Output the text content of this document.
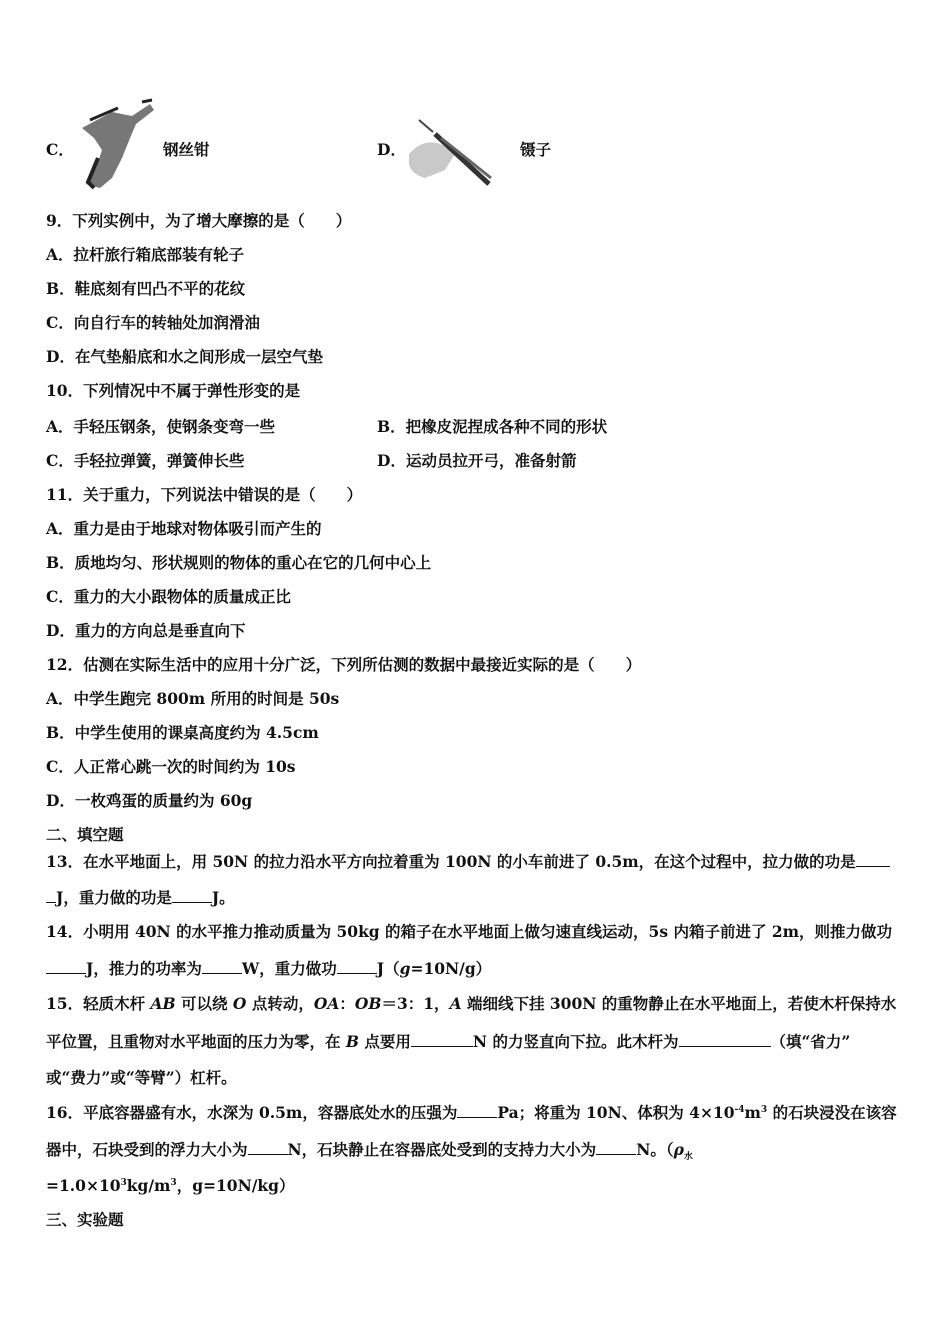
C．	钢丝钳	D．	镊子
9．下列实例中，为了增大摩擦的是（　　）
A．拉杆旅行箱底部装有轮子
B．鞋底刻有凹凸不平的花纹
C．向自行车的转轴处加润滑油
D．在气垫船底和水之间形成一层空气垫
10．下列情况中不属于弹性形变的是
A．手轻压钢条，使钢条变弯一些	B．把橡皮泥捏成各种不同的形状
C．手轻拉弹簧，弹簧伸长些	D．运动员拉开弓，准备射箭
11．关于重力，下列说法中错误的是（　　）
A．重力是由于地球对物体吸引而产生的
B．质地均匀、形状规则的物体的重心在它的几何中心上
C．重力的大小跟物体的质量成正比
D．重力的方向总是垂直向下
12．估测在实际生活中的应用十分广泛，下列所估测的数据中最接近实际的是（　　）
A．中学生跑完 800m 所用的时间是 50s
B．中学生使用的课桌高度约为 4.5cm
C．人正常心跳一次的时间约为 10s
D．一枚鸡蛋的质量约为 60g
二、填空题
13．在水平地面上，用 50N 的拉力沿水平方向拉着重为 100N 的小车前进了 0.5m，在这个过程中，拉力做的功是
J，重力做的功是	J。
14．小明用 40N 的水平推力推动质量为 50kg 的箱子在水平地面上做匀速直线运动，5s 内箱子前进了 2m，则推力做功
J，推力的功率为	W，重力做功	J（g=10N/g）
15．轻质木杆 AB 可以绕 O 点转动，OA：OB＝3：1，A 端细线下挂 300N 的重物静止在水平地面上，若使木杆保持水
平位置，且重物对水平地面的压力为零，在 B 点要用	N 的力竖直向下拉。此木杆为	（填“省力”
或“费力”或“等臂”）杠杆。
16．平底容器盛有水，水深为 0.5m，容器底处水的压强为	Pa；将重为 10N、体积为 $4\times 10^{-4}m^3$ 的石块浸没在该容
器中，石块受到的浮力大小为	N，石块静止在容器底处受到的支持力大小为	N。（$\rho_水$
$=1.0\times 10^3kg/m^3$，g=10N/kg）
三、实验题
